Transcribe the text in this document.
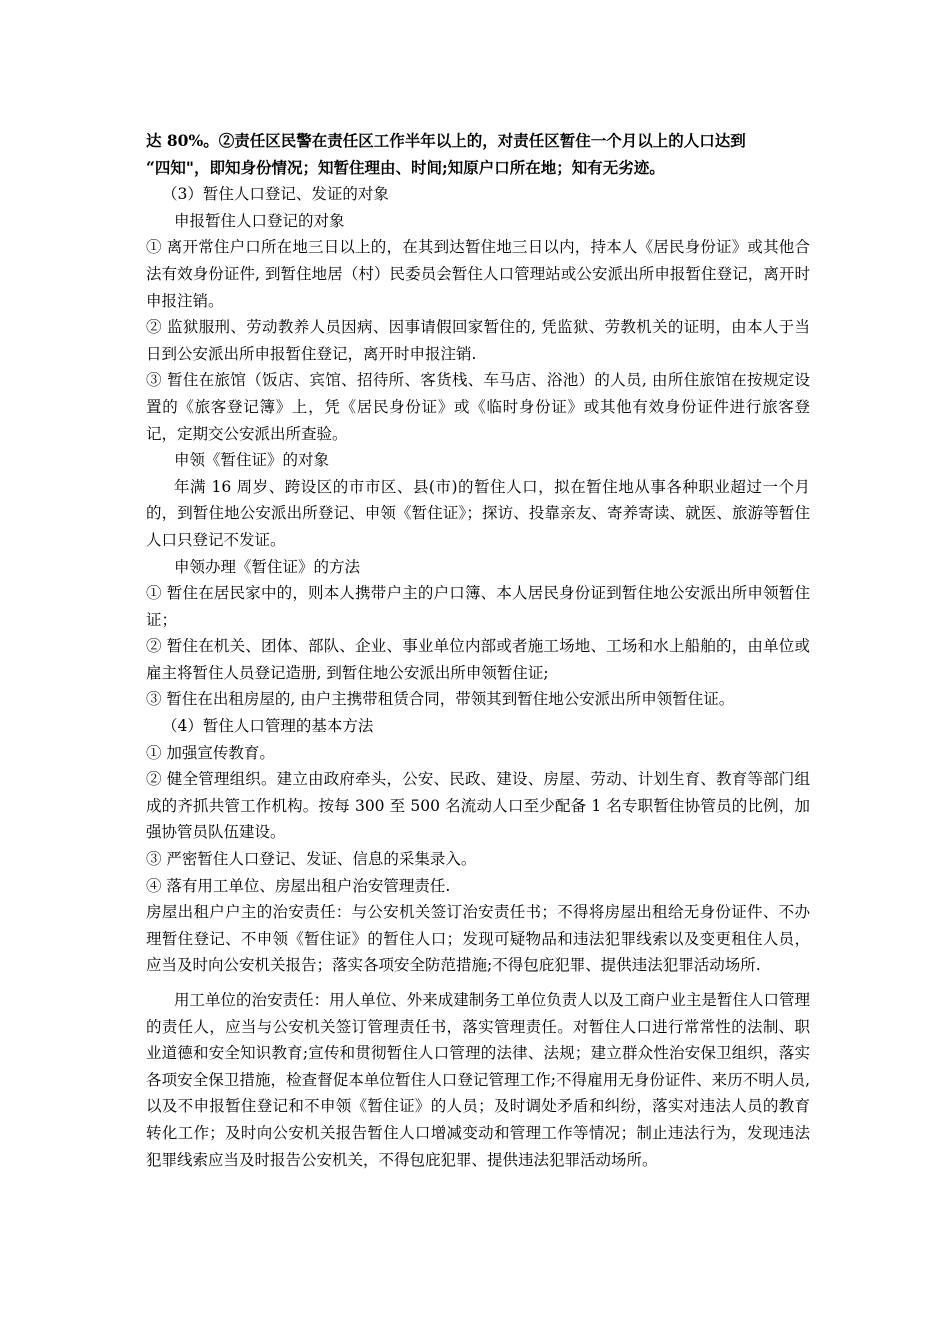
达 80%。②责任区民警在责任区工作半年以上的，对责任区暂住一个月以上的人口达到

“四知"，即知身份情况；知暂住理由、时间;知原户口所在地；知有无劣迹。

（3）暂住人口登记、发证的对象

申报暂住人口登记的对象

① 离开常住户口所在地三日以上的，在其到达暂住地三日以内，持本人《居民身份证》或其他合法有效身份证件, 到暂住地居（村）民委员会暂住人口管理站或公安派出所申报暂住登记，离开时申报注销。

② 监狱服刑、劳动教养人员因病、因事请假回家暂住的, 凭监狱、劳教机关的证明，由本人于当日到公安派出所申报暂住登记，离开时申报注销.

③ 暂住在旅馆（饭店、宾馆、招待所、客货栈、车马店、浴池）的人员, 由所住旅馆在按规定设置的《旅客登记簿》上，凭《居民身份证》或《临时身份证》或其他有效身份证件进行旅客登记，定期交公安派出所查验。

申领《暂住证》的对象

年满 16 周岁、跨设区的市市区、县(市)的暂住人口，拟在暂住地从事各种职业超过一个月的，到暂住地公安派出所登记、申领《暂住证》；探访、投靠亲友、寄养寄读、就医、旅游等暂住人口只登记不发证。

申领办理《暂住证》的方法

① 暂住在居民家中的，则本人携带户主的户口簿、本人居民身份证到暂住地公安派出所申领暂住证；

② 暂住在机关、团体、部队、企业、事业单位内部或者施工场地、工场和水上船舶的，由单位或雇主将暂住人员登记造册, 到暂住地公安派出所申领暂住证;

③ 暂住在出租房屋的, 由户主携带租赁合同，带领其到暂住地公安派出所申领暂住证。

（4）暂住人口管理的基本方法

① 加强宣传教育。

② 健全管理组织。建立由政府牵头，公安、民政、建设、房屋、劳动、计划生育、教育等部门组成的齐抓共管工作机构。按每 300 至 500 名流动人口至少配备 1 名专职暂住协管员的比例，加强协管员队伍建设。

③ 严密暂住人口登记、发证、信息的采集录入。

④ 落有用工单位、房屋出租户治安管理责任.

房屋出租户户主的治安责任：与公安机关签订治安责任书；不得将房屋出租给无身份证件、不办理暂住登记、不申领《暂住证》的暂住人口；发现可疑物品和违法犯罪线索以及变更租住人员，应当及时向公安机关报告；落实各项安全防范措施;不得包庇犯罪、提供违法犯罪活动场所.

用工单位的治安责任：用人单位、外来成建制务工单位负责人以及工商户业主是暂住人口管理的责任人，应当与公安机关签订管理责任书，落实管理责任。对暂住人口进行常常性的法制、职业道德和安全知识教育;宣传和贯彻暂住人口管理的法律、法规；建立群众性治安保卫组织，落实各项安全保卫措施，检查督促本单位暂住人口登记管理工作;不得雇用无身份证件、来历不明人员,以及不申报暂住登记和不申领《暂住证》的人员；及时调处矛盾和纠纷，落实对违法人员的教育转化工作；及时向公安机关报告暂住人口增减变动和管理工作等情况；制止违法行为，发现违法犯罪线索应当及时报告公安机关，不得包庇犯罪、提供违法犯罪活动场所。
